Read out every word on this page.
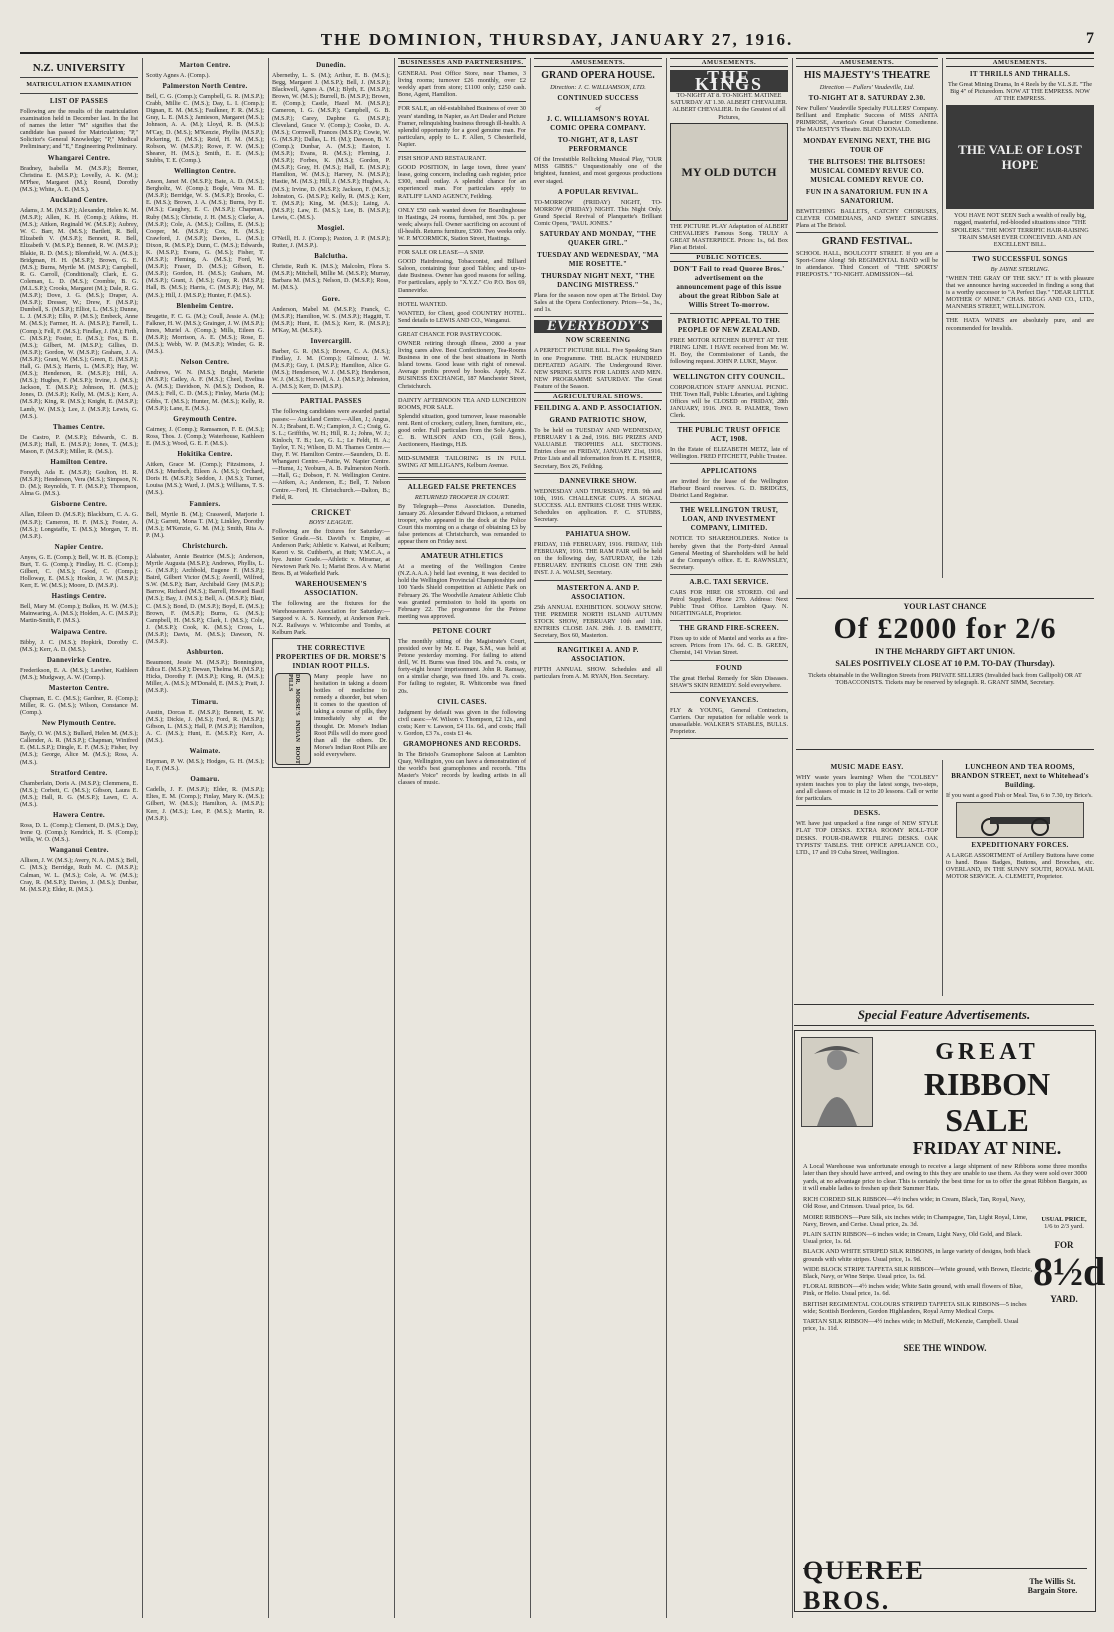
THE DOMINION, THURSDAY, JANUARY 27, 1916.	7
N.Z. UNIVERSITY
MATRICULATION EXAMINATION
LIST OF PASSES

Following are the results of the matriculation examination held in December last. In the list of names the letter "M" signifies that the candidate has passed for Matriculation; "P," Solicitor's General Knowledge; "P," Medical Preliminary; and "E," Engineering Preliminary.

Whangarei Centre.

Bradney, Isabella M. (M.S.P.); Bremer, Christina E. (M.S.P.); Lovelly, A. K. (M.); M'Phee, Margaret (M.); Round, Dorothy (M.S.); White, A. E. (M.S.).

Auckland Centre.

Adams, J. M. (M.S.P.); Alexander, Helen K. M. (M.S.P.); Allen, K. H. (Comp.); Atkins, H. (M.S.); Aitken, Reginald W. (M.S.P.); Aubrey, W. C. Barr, M. (M.S.); Bartlett, R. Bell, Elizabeth V. (M.S.P.); Bennett, R. Bell, Elizabeth V. (M.S.P.); Bennett, R. W. (M.S.P.); Blakie, R. D. (M.S.); Blomfield, W. A. (M.S.); Bridgman, H. H. (M.S.P.); Brown, G. E. (M.S.); Burns, Myrtle M. (M.S.P.); Campbell, R. G. Carroll, (Conditional); Clark, E. G. Coleman, L. D. (M.S.); Crombie, B. G. (M.L.S.P.); Crooks, Margaret (M.); Dale, R. G. (M.S.P.); Dove, J. G. (M.S.); Draper, A. (M.S.P.); Dresser, W.; Drew, F. (M.S.P.); Dumbell, S. (M.S.P.); Elliot, L. (M.S.); Dunne, L. J. (M.S.P.); Ellis, P. (M.S.); Embeck, Anne M. (M.S.); Farmer, H. A. (M.S.P.); Farrell, L. (Comp.); Fell, F. (M.S.); Findlay, J. (M.); Firth, C. (M.S.P.); Foster, E. (M.S.); Fox, B. E. (M.S.); Gilbert, M. (M.S.P.); Gillies, D. (M.S.P.); Gordon, W. (M.S.P.); Graham, J. A. (M.S.P.); Grant, W. (M.S.); Green, E. (M.S.P.); Hall, G. (M.S.); Harris, L. (M.S.P.); Hay, W. (M.S.); Henderson, R. (M.S.P.); Hill, A. (M.S.); Hughes, F. (M.S.P.); Irvine, J. (M.S.); Jackson, T. (M.S.P.); Johnson, H. (M.S.); Jones, D. (M.S.P.); Kelly, M. (M.S.); Kerr, A. (M.S.P.); King, R. (M.S.); Knight, E. (M.S.P.); Lamb, W. (M.S.); Lee, J. (M.S.P.); Lewis, G. (M.S.).

Thames Centre.

De Castro, P. (M.S.P.); Edwards, C. B. (M.S.P.); Hall, E. (M.S.P.); Jones, T. (M.S.); Mason, F. (M.S.P.); Miller, R. (M.S.).

Hamilton Centre.

Forsyth, Ada E. (M.S.P.); Goulton, H. R. (M.S.P.); Henderson, Vera (M.S.); Simpson, N. D. (M.); Reynolds, T. F. (M.S.P.); Thompson, Alma G. (M.S.).

Gisborne Centre.

Allan, Eileen D. (M.S.P.); Blackburn, C. A. G. (M.S.P.); Cameron, H. F. (M.S.); Foster, A. (M.S.); Longstaffe, T. (M.S.); Morgan, T. H. (M.S.P.).

Napier Centre.

Anyes, G. E. (Comp.); Bell, W. H. B. (Comp.); Burt, T. G. (Comp.); Findlay, H. C. (Comp.); Gilbert, C. (M.S.); Good, C. (Comp.); Holloway, E. (M.S.); Hoskin, J. W. (M.S.P.); Kerr, E. W. (M.S.); Moore, D. (M.S.P.).

Hastings Centre.

Bell, Mary M. (Comp.); Bulkes, H. W. (M.S.); Mainwaring, A. (M.S.); Holden, A. C. (M.S.P.); Martin-Smith, F. (M.S.).

Waipawa Centre.

Bibby, J. C. (M.S.); Hopkirk, Dorothy C. (M.S.); Kerr, A. D. (M.S.).

Dannevirke Centre.

Frederikson, E. A. (M.S.); Lawther, Kathleen (M.S.); Mudgway, A. W. (Comp.).

Masterton Centre.

Chapman, E. C. (M.S.); Gardner, R. (Comp.); Miller, R. G. (M.S.); Wilson, Constance M. (Comp.).

New Plymouth Centre.

Bayly, O. W. (M.S.); Bullard, Helen M. (M.S.); Callender, A. R. (M.S.P.); Chapman, Winifred E. (M.L.S.P.); Dingle, E. F. (M.S.); Fisher, Ivy (M.S.); George, Alice M. (M.S.); Ross, A. (M.S.).

Stratford Centre.

Chamberlain, Doris A. (M.S.P.); Clemmens, E. (M.S.); Corbett, C. (M.S.); Gibson, Laura E. (M.S.); Hall, R. G. (M.S.P.); Lawn, C. A. (M.S.).

Hawera Centre.

Ross, D. L. (Comp.); Clement, D. (M.S.); Day, Irene Q. (Comp.); Kendrick, H. S. (Comp.); Wills, W. O. (M.S.).

Wanganui Centre.

Allison, J. W. (M.S.); Avery, N. A. (M.S.); Bell, C. (M.S.); Berridge, Ruth M. C. (M.S.P.); Calman, W. L. (M.S.); Cole, A. W. (M.S.); Cray, R. (M.S.P.); Davies, J. (M.S.); Dunbar, M. (M.S.P.); Elder, R. (M.S.).

Marton Centre.

Scotty Agnes A. (Comp.).

Palmerston North Centre.

Bell, C. G. (Comp.); Campbell, G. R. (M.S.P.); Crabb, Millie C. (M.S.); Day, L. I. (Comp.); Dignan, E. M. (M.S.); Faulkner, F. R. (M.S.); Gray, L. E. (M.S.); Jamieson, Margaret (M.S.); Johnson, A. A. (M.); Lloyd, R. B. (M.S.); M'Cay, D. (M.S.); M'Kenzie, Phyllis (M.S.P.); Pickering, E. (M.S.); Reid, H. M. (M.S.); Robson, W. (M.S.P.); Rowe, F. W. (M.S.); Shearer, H. (M.S.); Smith, E. E. (M.S.); Stubbs, T. E. (Comp.).

Wellington Centre.

Anson, Janet M. (M.S.P.); Bate, A. D. (M.S.); Bergholtz, W. (Comp.); Bogle, Vera M. E. (M.S.P.); Berridge, W. S. (M.S.P.); Brooks, C. E. (M.S.); Brown, J. A. (M.S.); Burns, Ivy E. (M.S.); Caughey, E. C. (M.S.P.); Chapman, Ruby (M.S.); Christie, J. H. (M.S.); Clarke, A. (M.S.P.); Cole, A. (M.S.); Collins, E. (M.S.); Cooper, M. (M.S.P.); Cox, H. (M.S.); Crawford, J. (M.S.P.); Davies, L. (M.S.); Dixon, R. (M.S.P.); Dunn, C. (M.S.); Edwards, K. (M.S.P.); Evans, G. (M.S.); Fisher, T. (M.S.P.); Fleming, A. (M.S.); Ford, W. (M.S.P.); Fraser, D. (M.S.); Gibson, E. (M.S.P.); Gordon, H. (M.S.); Graham, M. (M.S.P.); Grant, J. (M.S.); Gray, R. (M.S.P.); Hall, B. (M.S.); Harris, C. (M.S.P.); Hay, M. (M.S.); Hill, J. (M.S.P.); Hunter, F. (M.S.).

Blenheim Centre.

Brugette, F. C. G. (M.); Coull, Jessie A. (M.); Falkner, H. W. (M.S.); Grainger, J. W. (M.S.P.); Innes, Muriel A. (Comp.); Mills, Eileen G. (M.S.P.); Morrison, A. E. (M.S.); Rose, E. (M.S.); Webb, W. P. (M.S.P.); Winder, G. R. (M.S.).

Nelson Centre.

Andrews, W. N. (M.S.); Bright, Mariette (M.S.P.); Catley, A. F. (M.S.); Cheel, Evelina A. (M.S.); Davidson, N. (M.S.); Dodson, R. (M.S.); Fell, C. D. (M.S.); Finlay, Maria (M.); Gibbs, T. (M.S.); Hunter, M. (M.S.); Kelly, R. (M.S.P.); Lane, E. (M.S.).

Greymouth Centre.

Cairney, J. (Comp.); Ramsamon, F. E. (M.S.); Ross, Thos. J. (Comp.); Waterhouse, Kathleen E. (M.S.); Wood, G. E. F. (M.S.).

Hokitika Centre.

Aitken, Grace M. (Comp.); Fitzsimons, J. (M.S.); Murdoch, Eileen A. (M.S.); Orchard, Doris H. (M.S.P.); Seddon, J. (M.S.); Turner, Louisa (M.S.); Ward, J. (M.S.); Williams, T. S. (M.S.).

Fanniers.

Bell, Myrtle B. (M.); Crassweil, Marjorie I. (M.); Garrett, Mona T. (M.); Linkley, Dorothy (M.S.); M'Kenzie, G. M. (M.); Smith, Rita A. P. (M.).

Christchurch.

Alabaster, Annie Beatrice (M.S.); Anderson, Myrtle Augusta (M.S.P.); Andrews, Phyllis, L. G. (M.S.P.); Archbold, Eugene F. (M.S.P.); Baird, Gilbert Victor (M.S.); Averill, Wilfred, S.W. (M.S.P.); Barr, Archibald Grey (M.S.P.); Barrow, Richard (M.S.); Barrell, Howard Basil (M.S.); Bay, J. (M.S.); Bell, A. (M.S.P.); Blair, C. (M.S.); Bond, D. (M.S.P.); Boyd, E. (M.S.); Brown, F. (M.S.P.); Burns, G. (M.S.); Campbell, H. (M.S.P.); Clark, I. (M.S.); Cole, J. (M.S.P.); Cook, K. (M.S.); Cross, L. (M.S.P.); Davis, M. (M.S.); Dawson, N. (M.S.P.).

Ashburton.

Beaumont, Jessie M. (M.S.P.); Bonnington, Edica E. (M.S.P.); Dewan, Thelma M. (M.S.P.); Hicks, Dorothy F. (M.S.P.); King, R. (M.S.); Miller, A. (M.S.); M'Donald, E. (M.S.); Pratt, J. (M.S.P.).

Timaru.

Austin, Dorcas E. (M.S.P.); Bennett, E. W. (M.S.); Dickie, J. (M.S.); Ford, R. (M.S.P.); Gibson, L. (M.S.); Hall, P. (M.S.P.); Hamilton, A. C. (M.S.); Hunt, E. (M.S.P.); Kerr, A. (M.S.).

Waimate.

Hayman, P. W. (M.S.); Hodges, G. H. (M.S.); Lo, F. (M.S.).

Oamaru.

Cadells, J. F. (M.S.P.); Elder, R. (M.S.P.); Eltes, E. M. (Comp.); Finlay, Mary K. (M.S.); Gilbert, W. (M.S.); Hamilton, A. (M.S.P.); Kerr, J. (M.S.); Lee, P. (M.S.); Martin, R. (M.S.P.).

Dunedin.

Abernethy, L. S. (M.); Arthur, E. B. (M.S.); Begg, Margaret J. (M.S.P.); Bell, J. (M.S.P.); Blackwell, Agnes A. (M.); Blyth, E. (M.S.P.); Brown, W. (M.S.); Burrell, B. (M.S.P.); Brown, E. (Comp.); Castle, Hazel M. (M.S.P.); Cameron, I. G. (M.S.P.); Campbell, G. B. (M.S.P.); Carey, Daphne G. (M.S.P.); Cleveland, Grace V. (Comp.); Cooke, D. A. (M.S.); Cornwell, Frances (M.S.P.); Cowie, W. G. (M.S.P.); Dallas, L. H. (M.); Dawson, B. V. (Comp.); Dunbar, A. (M.S.); Easton, I. (M.S.P.); Evans, R. (M.S.); Fleming, J. (M.S.P.); Forbes, K. (M.S.); Gordon, P. (M.S.P.); Gray, H. (M.S.); Hall, E. (M.S.P.); Hamilton, W. (M.S.); Harvey, N. (M.S.P.); Hastie, M. (M.S.); Hill, J. (M.S.P.); Hughes, A. (M.S.); Irvine, D. (M.S.P.); Jackson, F. (M.S.); Johnston, G. (M.S.P.); Kelly, R. (M.S.); Kerr, T. (M.S.P.); King, M. (M.S.); Laing, A. (M.S.P.); Law, E. (M.S.); Lee, B. (M.S.P.); Lewis, C. (M.S.).

Mosgiel.

O'Neill, H. J. (Comp.); Paxton, J. P. (M.S.P.); Rutter, J. (M.S.P.).

Balclutha.

Christie, Ruth K. (M.S.); Malcolm, Flora S. (M.S.P.); Mitchell, Millie M. (M.S.P.); Murray, Barbara M. (M.S.); Nelson, D. (M.S.P.); Ross, M. (M.S.).

Gore.

Anderson, Mabel M. (M.S.P.); Franck, C. (M.S.P.); Hamilton, W. S. (M.S.P.); Haggitt, T. (M.S.P.); Hunt, E. (M.S.); Kerr, R. (M.S.P.); M'Kay, M. (M.S.P.).

Invercargill.

Barber, G. R. (M.S.); Brown, C. A. (M.S.); Findlay, J. M. (Comp.); Gilmour, J. W. (M.S.P.); Guy, I. (M.S.P.); Hamilton, Alice G. (M.S.); Henderson, W. J. (M.S.P.); Henderson, W. J. (M.S.); Horwell, A. J. (M.S.P.); Johnston, A. (M.S.); Kerr, D. (M.S.P.).

PARTIAL PASSES

The following candidates were awarded partial passes:— Auckland Centre.—Allen, J.; Angus, N. J.; Brabant, E. W.; Campion, J. C.; Craig, G. S. L.; Griffiths, W. H.; Hill, R. J.; Johns, W. J.; Kinloch, T. B.; Lee, G. L.; Le Feldt, H. A.; Taylor, T. N.; Wilson, D. M. Thames Centre.—Day, F. W. Hamilton Centre.—Saunders, D. E. Whangarei Centre.—Pattie, W. Napier Centre.—Hume, J.; Yeoburn, A. B. Palmerston North.—Hall, G.; Dobson, F. N. Wellington Centre.—Aitken, A.; Anderson, E.; Bell, T. Nelson Centre.—Ford, H. Christchurch.—Dalton, B.; Field, R.

CRICKET
BOYS' LEAGUE.

Following are the fixtures for Saturday:— Senior Grade.—St. David's v. Empire, at Anderson Park; Athletic v. Kaiwai, at Kelburn; Karori v. St. Cuthbert's, at Hutt; Y.M.C.A., a bye. Junior Grade.—Athletic v. Miramar, at Newtown Park No. 1; Marist Bros. A v. Marist Bros. B, at Wakefield Park.

WAREHOUSEMEN'S ASSOCIATION.

The following are the fixtures for the Warehousemen's Association for Saturday:— Sargood v. A. S. Kennedy, at Anderson Park. N.Z. Railways v. Whitcombe and Tombs, at Kelburn Park.

THE CORRECTIVE PROPERTIES OF DR. MORSE'S INDIAN ROOT PILLS.
DR. MORSE'S INDIAN ROOT PILLS	Many people have no hesitation in taking a dozen bottles of medicine to remedy a disorder, but when it comes to the question of taking a course of pills, they immediately shy at the thought. Dr. Morse's Indian Root Pills will do more good than all the others. Dr. Morse's Indian Root Pills are sold everywhere.

BUSINESSES AND PARTNERSHIPS.

GENERAL Post Office Store, near Thames, 3 living rooms; turnover £26 monthly, over £2 weekly apart from store; £1100 only; £250 cash. Bone, Agent, Hamilton.

FOR SALE, an old-established Business of over 30 years' standing, in Napier, as Art Dealer and Picture Framer, relinquishing business through ill-health. A splendid opportunity for a good genuine man. For particulars, apply to L. F. Allen, 5 Chesterfield, Napier.

FISH SHOP AND RESTAURANT.

GOOD POSITION, in large town, three years' lease, going concern, including cash register, price £300, small outlay. A splendid chance for an experienced man. For particulars apply to RATLIFF LAND AGENCY, Feilding.

ONLY £50 cash wanted down for Boardinghouse in Hastings, 24 rooms, furnished, rent 30s. p. per week; always full. Owner sacrificing on account of ill-health. Returns furniture, £500. Two weeks only. W. P. M'CORMICK, Station Street, Hastings.

FOR SALE OR LEASE—A SNIP.

GOOD Hairdressing, Tobacconist, and Billiard Saloon, containing four good Tables; and up-to-date Business. Owner has good reasons for selling. For particulars, apply to "X.Y.Z." C/o P.O. Box 69, Dannevirke.

HOTEL WANTED.

WANTED, for Client, good COUNTRY HOTEL. Send details to LEWIS AND CO., Wanganui.

GREAT CHANCE FOR PASTRYCOOK.

OWNER retiring through illness, 2000 a year living cares alive. Best Confectionery, Tea-Rooms Business in one of the best situations in North Island towns. Good lease with right of renewal. Average profits proved by books. Apply, N.Z. BUSINESS EXCHANGE, 187 Manchester Street, Christchurch.

DAINTY AFTERNOON TEA AND LUNCHEON ROOMS, FOR SALE.

Splendid situation, good turnover, lease reasonable rent. Rent of crockery, cutlery, linen, furniture, etc., good order. Full particulars from the Sole Agents. C. B. WILSON AND CO., (Gill Bros.), Auctioneers, Hastings, H.B.

MID-SUMMER TAILORING IS IN FULL SWING AT MILLIGAN'S, Kelburn Avenue.

ALLEGED FALSE PRETENCES
RETURNED TROOPER IN COURT.

By Telegraph—Press Association. Dunedin, January 26. Alexander Edward Dickson, a returned trooper, who appeared in the dock at the Police Court this morning on a charge of obtaining £3 by false pretences at Christchurch, was remanded to appear there on Friday next.

AMATEUR ATHLETICS

At a meeting of the Wellington Centre (N.Z.A.A.A.) held last evening, it was decided to hold the Wellington Provincial Championships and 100 Yards Shield competition at Athletic Park on February 26. The Woodville Amateur Athletic Club was granted permission to hold its sports on February 22. The programme for the Petone meeting was approved.

PETONE COURT

The monthly sitting of the Magistrate's Court, presided over by Mr. E. Page, S.M., was held at Petone yesterday morning. For failing to attend drill, W. H. Burns was fined 10s. and 7s. costs, or forty-eight hours' imprisonment. John R. Ramsay, on a similar charge, was fined 10s. and 7s. costs. For failing to register, R. Whitcombe was fined 20s.

CIVIL CASES.

Judgment by default was given in the following civil cases:—W. Wilson v. Thompson, £2 12s., and costs; Kerr v. Lawson, £4 11s. 6d., and costs; Hall v. Gordon, £3 7s., costs £1 4s.

GRAMOPHONES AND RECORDS.

In The Bristol's Gramophone Saloon at Lambton Quay, Wellington, you can have a demonstration of the world's best gramophones and records. "His Master's Voice" records by leading artists in all classes of music.

AMUSEMENTS.
GRAND OPERA HOUSE.
Direction: J. C. WILLIAMSON, LTD.
CONTINUED SUCCESS
of
J. C. WILLIAMSON'S ROYAL COMIC OPERA COMPANY.
TO-NIGHT, AT 8, LAST PERFORMANCE

Of the Irresistible Rollicking Musical Play, "OUR MISS GIBBS." Unquestionably one of the brightest, funniest, and most gorgeous productions ever staged.

A POPULAR REVIVAL.

TO-MORROW (FRIDAY) NIGHT, TO-MORROW (FRIDAY) NIGHT. This Night Only. Grand Special Revival of Planquette's Brilliant Comic Opera, "PAUL JONES."

SATURDAY AND MONDAY, "THE QUAKER GIRL."
TUESDAY AND WEDNESDAY, "MA MIE ROSETTE."
THURSDAY NIGHT NEXT, "THE DANCING MISTRESS."

Plans for the season now open at The Bristol. Day Sales at the Opera Confectionery. Prices—5s., 3s., and 1s.

EVERYBODY'S
NOW SCREENING

A PERFECT PICTURE BILL. Five Speaking Stars in one Programme. THE BLACK HUNDRED DEFEATED AGAIN. The Underground River. NEW SPRING SUITS FOR LADIES AND MEN. NEW PROGRAMME SATURDAY. The Great Feature of the Season.

AGRICULTURAL SHOWS.
FEILDING A. AND P. ASSOCIATION.
GRAND PATRIOTIC SHOW,

To be held on TUESDAY AND WEDNESDAY, FEBRUARY 1 & 2nd, 1916. BIG PRIZES AND VALUABLE TROPHIES ALL SECTIONS. Entries close on FRIDAY, JANUARY 21st, 1916. Prize Lists and all information from H. E. FISHER, Secretary, Box 26, Feilding.

DANNEVIRKE SHOW.

WEDNESDAY AND THURSDAY, FEB. 9th and 10th, 1916. CHALLENGE CUPS. A SIGNAL SUCCESS. ALL ENTRIES CLOSE THIS WEEK. Schedules on application. F. C. STUBBS, Secretary.

PAHIATUA SHOW.

FRIDAY, 11th FEBRUARY, 1916. FRIDAY, 11th FEBRUARY, 1916. THE RAM FAIR will be held on the following day, SATURDAY, the 12th FEBRUARY. ENTRIES CLOSE ON THE 29th INST. J. A. WALSH, Secretary.

MASTERTON A. AND P. ASSOCIATION.

25th ANNUAL EXHIBITION. SOLWAY SHOW. THE PREMIER NORTH ISLAND AUTUMN STOCK SHOW, FEBRUARY 10th and 11th. ENTRIES CLOSE JAN. 29th. J. B. EMMETT, Secretary, Box 60, Masterton.

RANGITIKEI A. AND P. ASSOCIATION.

FIFTH ANNUAL SHOW. Schedules and all particulars from A. M. RYAN, Hon. Secretary.

AMUSEMENTS.
THE KINGS

TO-NIGHT AT 8. TO-NIGHT. MATINEE SATURDAY AT 1.30. ALBERT CHEVALIER. ALBERT CHEVALIER. In the Greatest of all Pictures,

MY OLD DUTCH

THE PICTURE PLAY Adaptation of ALBERT CHEVALIER'S Famous Song. TRULY A GREAT MASTERPIECE. Prices: 1s., 6d. Box Plan at Bristol.

PUBLIC NOTICES.
DON'T Fail to read Quoree Bros.' advertisement on the announcement page of this issue about the great Ribbon Sale at Willis Street To-morrow.
PATRIOTIC APPEAL TO THE PEOPLE OF NEW ZEALAND.

FREE MOTOR KITCHEN BUFFET AT THE FIRING LINE. I HAVE received from Mr. W. H. Boy, the Commissioner of Lands, the following request. JOHN P. LUKE, Mayor.

WELLINGTON CITY COUNCIL.

CORPORATION STAFF ANNUAL PICNIC. THE Town Hall, Public Libraries, and Lighting Offices will be CLOSED on FRIDAY, 28th JANUARY, 1916. JNO. R. PALMER, Town Clerk.

THE PUBLIC TRUST OFFICE ACT, 1908.

In the Estate of ELIZABETH METZ, late of Wellington. FRED FITCHETT, Public Trustee.

APPLICATIONS

are invited for the lease of the Wellington Harbour Board reserves. G. D. BRIDGES, District Land Registrar.

THE WELLINGTON TRUST, LOAN, AND INVESTMENT COMPANY, LIMITED.

NOTICE TO SHAREHOLDERS. Notice is hereby given that the Forty-third Annual General Meeting of Shareholders will be held at the Company's office. E. E. RAWNSLEY, Secretary.

A.B.C. TAXI SERVICE.

CARS FOR HIRE OR STORED. Oil and Petrol Supplied. Phone 270. Address: Next Public Trust Office. Lambton Quay. N. NIGHTINGALE, Proprietor.

THE GRAND FIRE-SCREEN.

Fixes up to side of Mantel and works as a fire-screen. Prices from 17s. 6d. C. B. GREEN, Chemist, 141 Vivian Street.

FOUND

The great Herbal Remedy for Skin Diseases. SHAW'S SKIN REMEDY. Sold everywhere.

CONVEYANCES.

FLY & YOUNG, General Contractors, Carriers. Our reputation for reliable work is unassailable. WALKER'S STABLES, BULLS. Proprietor.

AMUSEMENTS.
HIS MAJESTY'S THEATRE
Direction — Fullers' Vaudeville, Ltd.
TO-NIGHT AT 8. SATURDAY 2.30.

New Fullers' Vaudeville Specialty FULLERS' Company. Brilliant and Emphatic Success of MISS ANITA PRIMROSE, America's Great Character Comedienne. The MAJESTY'S Theatre. BLIND DONALD.

MONDAY EVENING NEXT, THE BIG TOUR OF
THE BLITSOES! THE BLITSOES! MUSICAL COMEDY REVUE CO. MUSICAL COMEDY REVUE CO.
FUN IN A SANATORIUM. FUN IN A SANATORIUM.

BEWITCHING BALLETS, CATCHY CHORUSES, CLEVER COMEDIANS, AND SWEET SINGERS. Plans at The Bristol.

GRAND FESTIVAL.

SCHOOL HALL, BOULCOTT STREET. If you are a Sport-Come Along! 5th REGIMENTAL BAND will be in attendance. Third Concert of "THE SPORTS' FIREPOSTS." TO-NIGHT. ADMISSION—6d.

AMUSEMENTS.
IT THRILLS AND THRALLS.

The Great Mining Drama, In 4 Reels by the V.L.S.E. "The Big 4" of Picturedom. NOW AT THE EMPRESS. NOW AT THE EMPRESS.

THE VALE OF LOST HOPE

YOU HAVE NOT SEEN Such a wealth of really big, rugged, masterful, red-blooded situations since "THE SPOILERS." THE MOST TERRIFIC HAIR-RAISING TRAIN SMASH EVER CONCEIVED. AND AN EXCELLENT BILL.

TWO SUCCESSFUL SONGS
By JAYNE STERLING.

"WHEN THE GRAY OF THE SKY." IT is with pleasure that we announce having succeeded in finding a song that is a worthy successor to "A Perfect Day." "DEAR LITTLE MOTHER O' MINE." CHAS. BEGG AND CO., LTD., MANNERS STREET, WELLINGTON.

THE HATA WINES are absolutely pure, and are recommended for Invalids.

YOUR LAST CHANCE
Of £2000 for 2/6
IN THE McHARDY GIFT ART UNION.
SALES POSITIVELY CLOSE AT 10 P.M. TO-DAY (Thursday).

Tickets obtainable in the Wellington Streets from PRIVATE SELLERS (Invalided back from Gallipoli) OR AT TOBACCONISTS. Tickets may be reserved by telegraph. R. GRANT SIMM, Secretary.

MUSIC MADE EASY.

WHY waste years learning? When the "COLBEY" system teaches you to play the latest songs, two-steps, and all classes of music in 12 to 20 lessons. Call or write for particulars.

DESKS.

WE have just unpacked a fine range of NEW STYLE FLAT TOP DESKS. EXTRA ROOMY ROLL-TOP DESKS. FOUR-DRAWER FILING DESKS. OAK TYPISTS' TABLES. THE OFFICE APPLIANCE CO., LTD., 17 and 19 Cuba Street, Wellington.

LUNCHEON AND TEA ROOMS, BRANDON STREET, next to Whitehead's Building.

If you want a good Fish or Meal. Tea, 6 to 7.30, try Brice's.

EXPEDITIONARY FORCES.

A LARGE ASSORTMENT of Artillery Buttons have come to hand. Brass Badges, Buttons, and Brooches, etc. OVERLAND, IN THE SUNNY SOUTH, ROYAL MAIL MOTOR SERVICE. A. CLEMETT, Proprietor.

Special Feature Advertisements.
GREAT
RIBBON SALE
FRIDAY AT NINE.

A Local Warehouse was unfortunate enough to receive a large shipment of new Ribbons some three months later than they should have arrived, and owing to this they are unable to use them. As they were sold over 3000 yards, at no advantage price to clear. This is certainly the best time for us to offer the great Ribbon Bargain, as it will enable ladies to freshen up their Summer Hats.

RICH CORDED SILK RIBBON—4½ inches wide; in Cream, Black, Tan, Royal, Navy, Old Rose, and Crimson. Usual price, 1s. 6d.

MOIRE RIBBONS—Pure Silk, six inches wide; in Champagne, Tan, Light Royal, Lime, Navy, Brown, and Cerise. Usual price, 2s. 3d.

PLAIN SATIN RIBBON—6 inches wide; in Cream, Light Navy, Old Gold, and Black. Usual price, 1s. 6d.

BLACK AND WHITE STRIPED SILK RIBBONS, in large variety of designs, both black grounds with white stripes. Usual price, 1s. 9d.

WIDE BLOCK STRIPE TAFFETA SILK RIBBON—White ground, with Brown, Electric, Black, Navy, or Wine Stripe. Usual price, 1s. 6d.

FLORAL RIBBON—4½ inches wide; White Satin ground, with small flowers of Blue, Pink, or Helio. Usual price, 1s. 6d.

BRITISH REGIMENTAL COLOURS STRIPED TAFFETA SILK RIBBONS—5 inches wide; Scottish Borderers, Gordon Highlanders, Royal Army Medical Corps.

TARTAN SILK RIBBON—4½ inches wide; in McDuff, McKenzie, Campbell. Usual price, 1s. 11d.

USUAL PRICE,
1/6 to 2/3 yard.
FOR
8½d
YARD.
SEE THE WINDOW.
QUEREE BROS.
The Willis St. Bargain Store.
